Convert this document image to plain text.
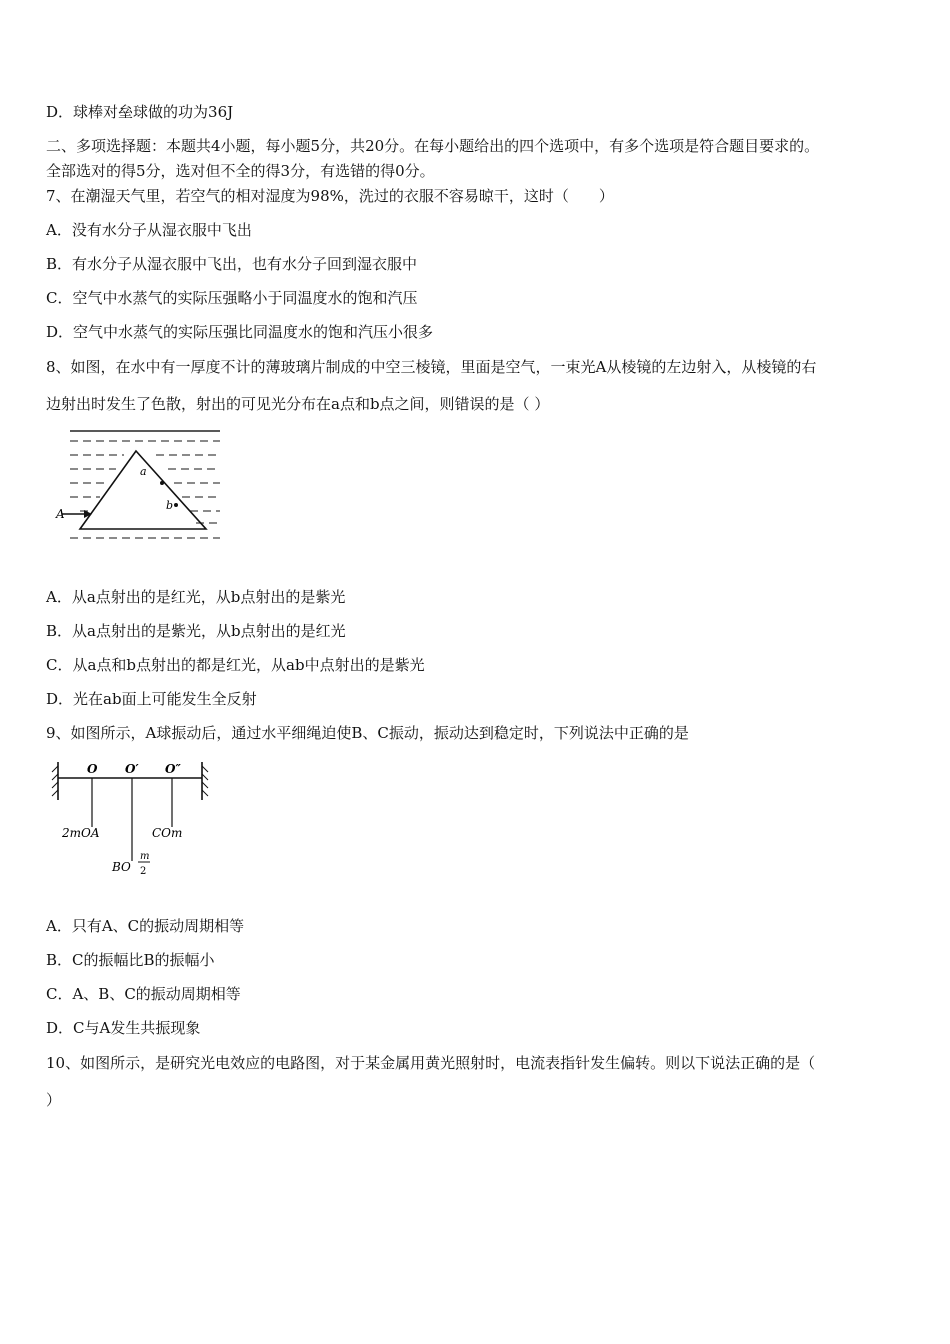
D．球棒对垒球做的功为36J
二、多项选择题：本题共4小题，每小题5分，共20分。在每小题给出的四个选项中，有多个选项是符合题目要求的。
全部选对的得5分，选对但不全的得3分，有选错的得0分。
7、在潮湿天气里，若空气的相对湿度为98%，洗过的衣服不容易晾干，这时（　　）
A．没有水分子从湿衣服中飞出
B．有水分子从湿衣服中飞出，也有水分子回到湿衣服中
C．空气中水蒸气的实际压强略小于同温度水的饱和汽压
D．空气中水蒸气的实际压强比同温度水的饱和汽压小很多
8、如图，在水中有一厚度不计的薄玻璃片制成的中空三棱镜，里面是空气，一束光A从棱镜的左边射入，从棱镜的右
边射出时发生了色散，射出的可见光分布在a点和b点之间，则错误的是（ ）
a
b
A
A．从a点射出的是红光，从b点射出的是紫光
B．从a点射出的是紫光，从b点射出的是红光
C．从a点和b点射出的都是红光，从ab中点射出的是紫光
D．光在ab面上可能发生全反射
9、如图所示，A球振动后，通过水平细绳迫使B、C振动，振动达到稳定时，下列说法中正确的是
O O′ O″
2mOA	COm
BO
m
2
A．只有A、C的振动周期相等
B．C的振幅比B的振幅小
C．A、B、C的振动周期相等
D．C与A发生共振现象
10、如图所示，是研究光电效应的电路图，对于某金属用黄光照射时，电流表指针发生偏转。则以下说法正确的是（
）
